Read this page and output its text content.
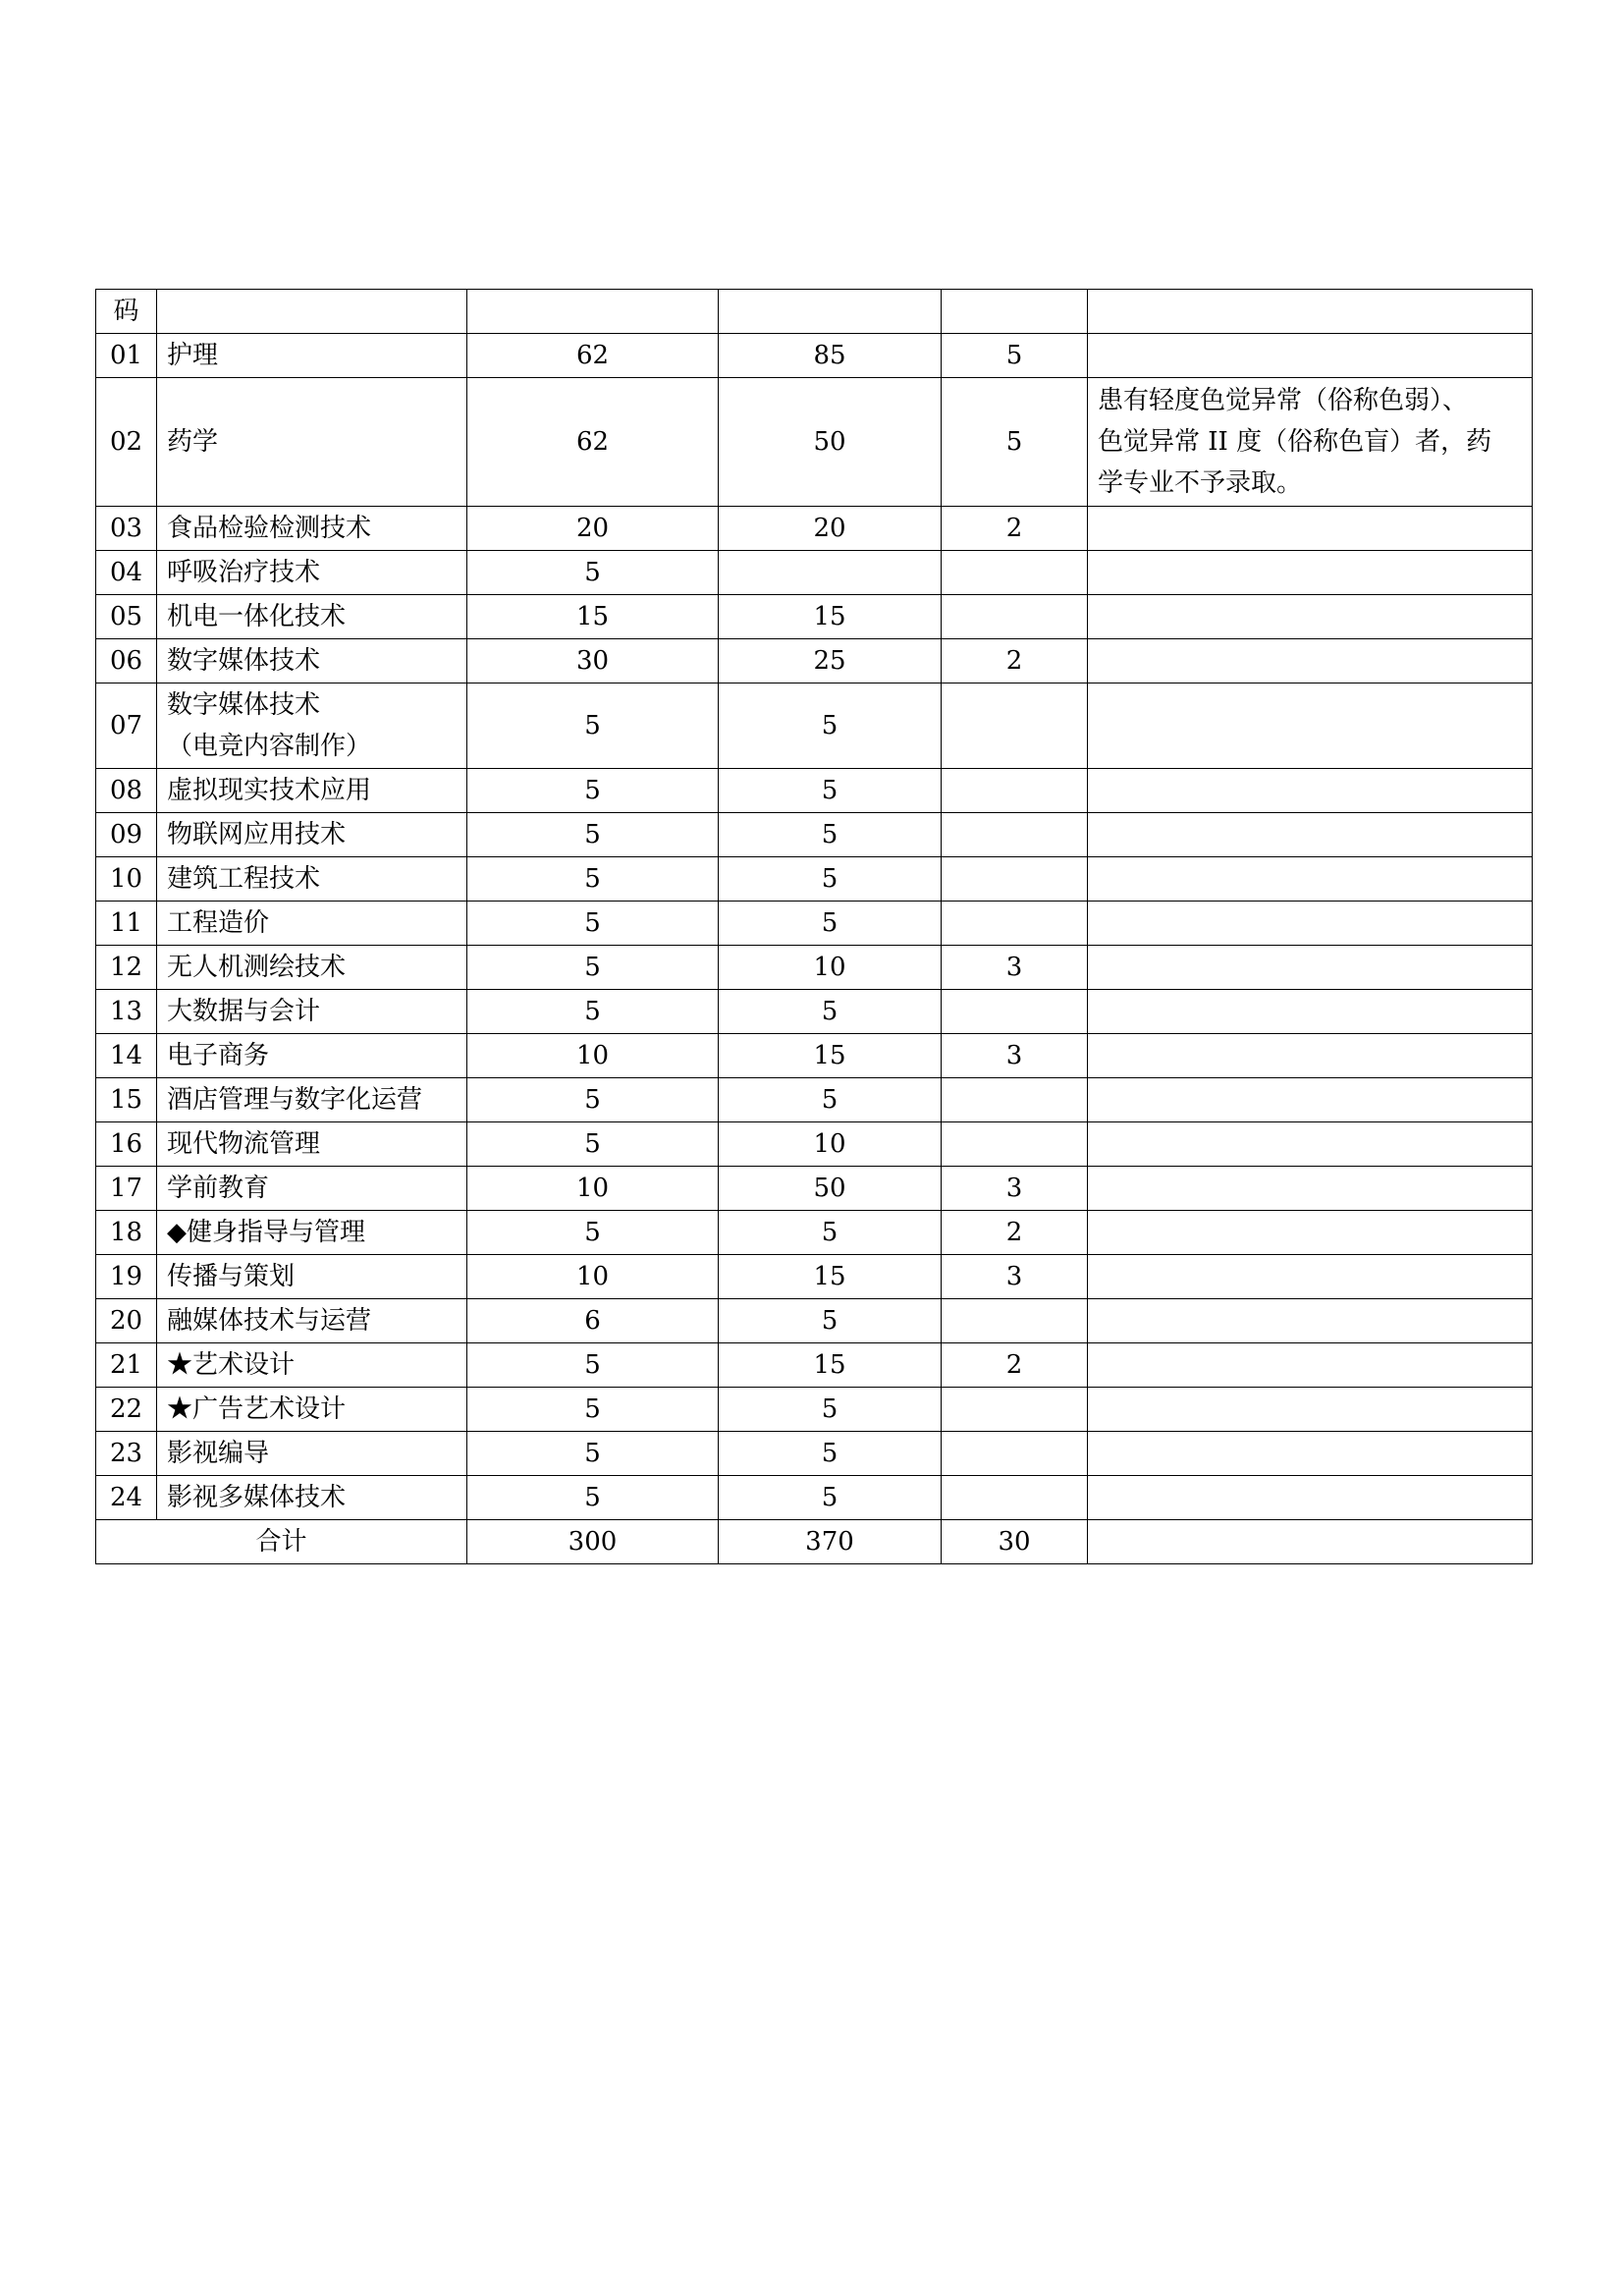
码					
01	护理	62	85	5	
02	药学	62	50	5	患有轻度色觉异常（俗称色弱）、
色觉异常 II 度（俗称色盲）者，药
学专业不予录取。

03	食品检验检测技术	20	20	2	
04	呼吸治疗技术	5			
05	机电一体化技术	15	15		
06	数字媒体技术	30	25	2	
07	数字媒体技术
（电竞内容制作）	5	5		
08	虚拟现实技术应用	5	5		
09	物联网应用技术	5	5		
10	建筑工程技术	5	5		
11	工程造价	5	5		
12	无人机测绘技术	5	10	3	
13	大数据与会计	5	5		
14	电子商务	10	15	3	
15	酒店管理与数字化运营	5	5		
16	现代物流管理	5	10		
17	学前教育	10	50	3	
18	◆健身指导与管理	5	5	2	
19	传播与策划	10	15	3	
20	融媒体技术与运营	6	5		
21	★艺术设计	5	15	2	
22	★广告艺术设计	5	5		
23	影视编导	5	5		
24	影视多媒体技术	5	5		
合计		300	370	30	
